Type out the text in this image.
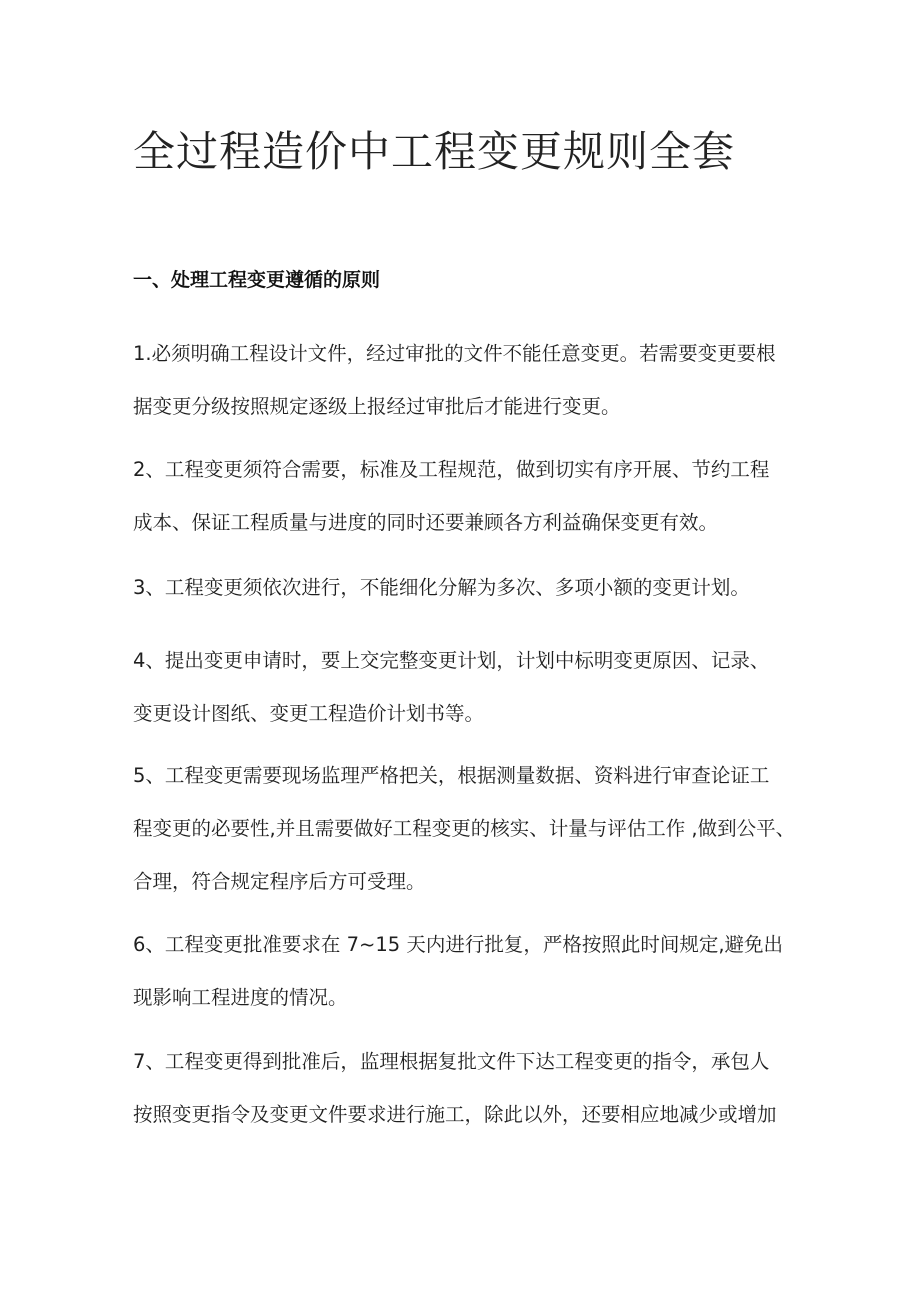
全过程造价中工程变更规则全套
一、处理工程变更遵循的原则

1.必须明确工程设计文件，经过审批的文件不能任意变更。若需要变更要根
据变更分级按照规定逐级上报经过审批后才能进行变更。

2、工程变更须符合需要，标准及工程规范，做到切实有序开展、节约工程
成本、保证工程质量与进度的同时还要兼顾各方利益确保变更有效。

3、工程变更须依次进行，不能细化分解为多次、多项小额的变更计划。

4、提出变更申请时，要上交完整变更计划，计划中标明变更原因、记录、
变更设计图纸、变更工程造价计划书等。

5、工程变更需要现场监理严格把关，根据测量数据、资料进行审查论证工
程变更的必要性,并且需要做好工程变更的核实、计量与评估工作 ,做到公平、
合理，符合规定程序后方可受理。

6、工程变更批准要求在 7~15 天内进行批复，严格按照此时间规定,避免出
现影响工程进度的情况。

7、工程变更得到批准后，监理根据复批文件下达工程变更的指令，承包人
按照变更指令及变更文件要求进行施工，除此以外，还要相应地减少或增加
